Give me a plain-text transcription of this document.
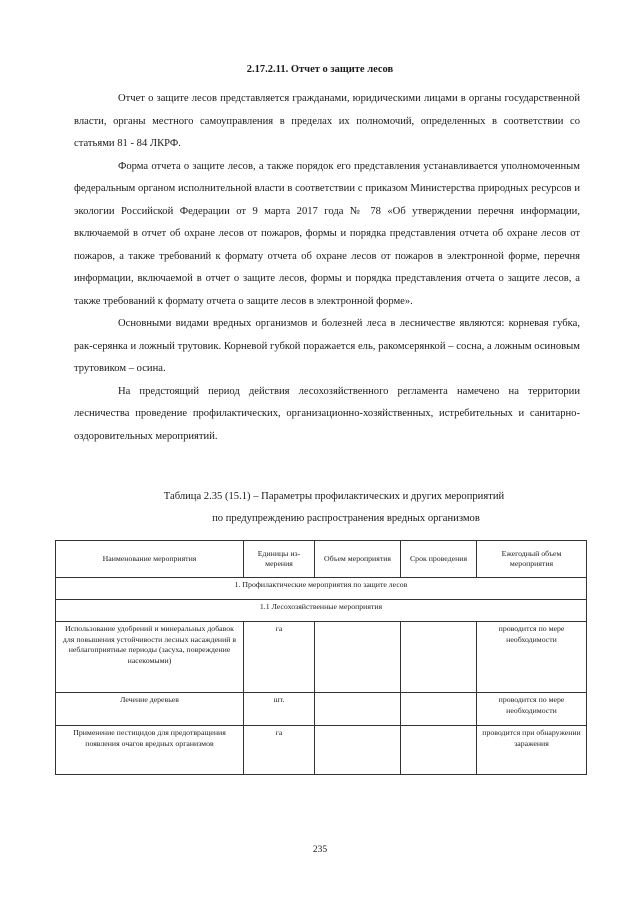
2.17.2.11. Отчет о защите лесов

Отчет о защите лесов представляется гражданами, юридическими лицами в органы государственной власти, органы местного самоуправления в пределах их полномочий, определенных в соответствии со статьями 81 - 84 ЛКРФ.

Форма отчета о защите лесов, а также порядок его представления устанавливается уполномоченным федеральным органом исполнительной власти в соответствии с приказом Министерства природных ресурсов и экологии Российской Федерации от 9 марта 2017 года № 78 «Об утверждении перечня информации, включаемой в отчет об охране лесов от пожаров, формы и порядка представления отчета об охране лесов от пожаров, а также требований к формату отчета об охране лесов от пожаров в электронной форме, перечня информации, включаемой в отчет о защите лесов, формы и порядка представления отчета о защите лесов, а также требований к формату отчета о защите лесов в электронной форме».

Основными видами вредных организмов и болезней леса в лесничестве являются: корневая губка, рак-серянка и ложный трутовик. Корневой губкой поражается ель, ракомсерянкой – сосна, а ложным осиновым трутовиком – осина.

На предстоящий период действия лесохозяйственного регламента намечено на территории лесничества проведение профилактических, организационно-хозяйственных, истребительных и санитарно-оздоровительных мероприятий.

Таблица 2.35 (15.1) – Параметры профилактических и других мероприятий
по предупреждению распространения вредных организмов
Наименование мероприятия	Единицы из-мерения	Объем мероприятия	Срок проведения	Ежегодный объем мероприятия
1. Профилактические мероприятия по защите лесов				
1.1 Лесохозяйственные мероприятия				
Использование удобрений и минеральных добавок для повышения устойчивости лесных насаждений в неблагоприятные периоды (засуха, повреждение насекомыми)	га			проводится по мере необходимости
Лечение деревьев	шт.			проводится по мере необходимости
Применение пестицидов для предотвращения появления очагов вредных организмов	га			проводится при обнаружении заражения
235
